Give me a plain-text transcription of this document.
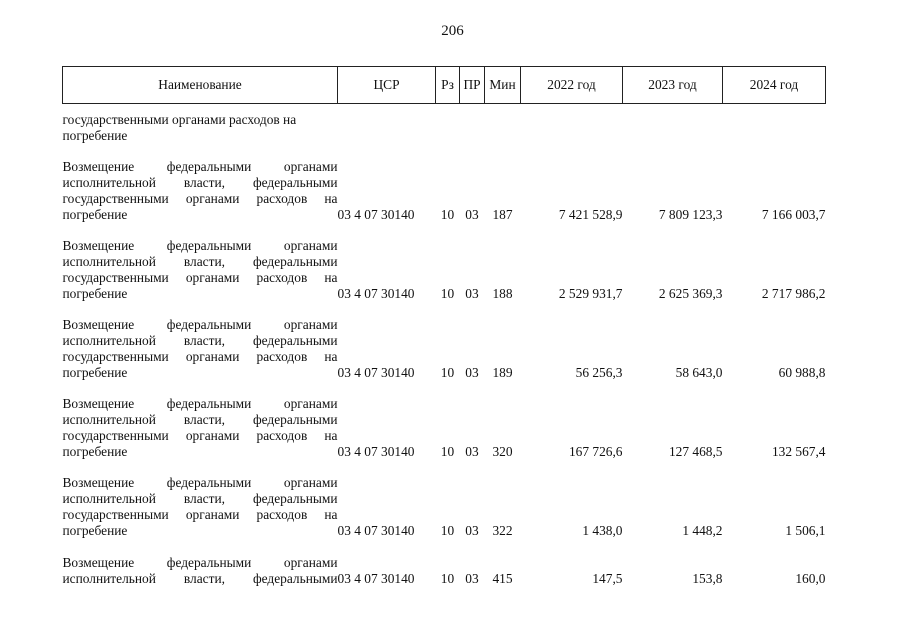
206
Наименование	ЦСР	Рз	ПР	Мин	2022 год	2023 год	2024 год
государственными органами расходов на
погребение							
Возмещение федеральными органами
исполнительной власти, федеральными
государственными органами расходов на
погребение	03 4 07 30140	10	03	187	7 421 528,9	7 809 123,3	7 166 003,7
Возмещение федеральными органами
исполнительной власти, федеральными
государственными органами расходов на
погребение	03 4 07 30140	10	03	188	2 529 931,7	2 625 369,3	2 717 986,2
Возмещение федеральными органами
исполнительной власти, федеральными
государственными органами расходов на
погребение	03 4 07 30140	10	03	189	56 256,3	58 643,0	60 988,8
Возмещение федеральными органами
исполнительной власти, федеральными
государственными органами расходов на
погребение	03 4 07 30140	10	03	320	167 726,6	127 468,5	132 567,4
Возмещение федеральными органами
исполнительной власти, федеральными
государственными органами расходов на
погребение	03 4 07 30140	10	03	322	1 438,0	1 448,2	1 506,1
Возмещение федеральными органами
исполнительной власти, федеральными	03 4 07 30140	10	03	415	147,5	153,8	160,0
